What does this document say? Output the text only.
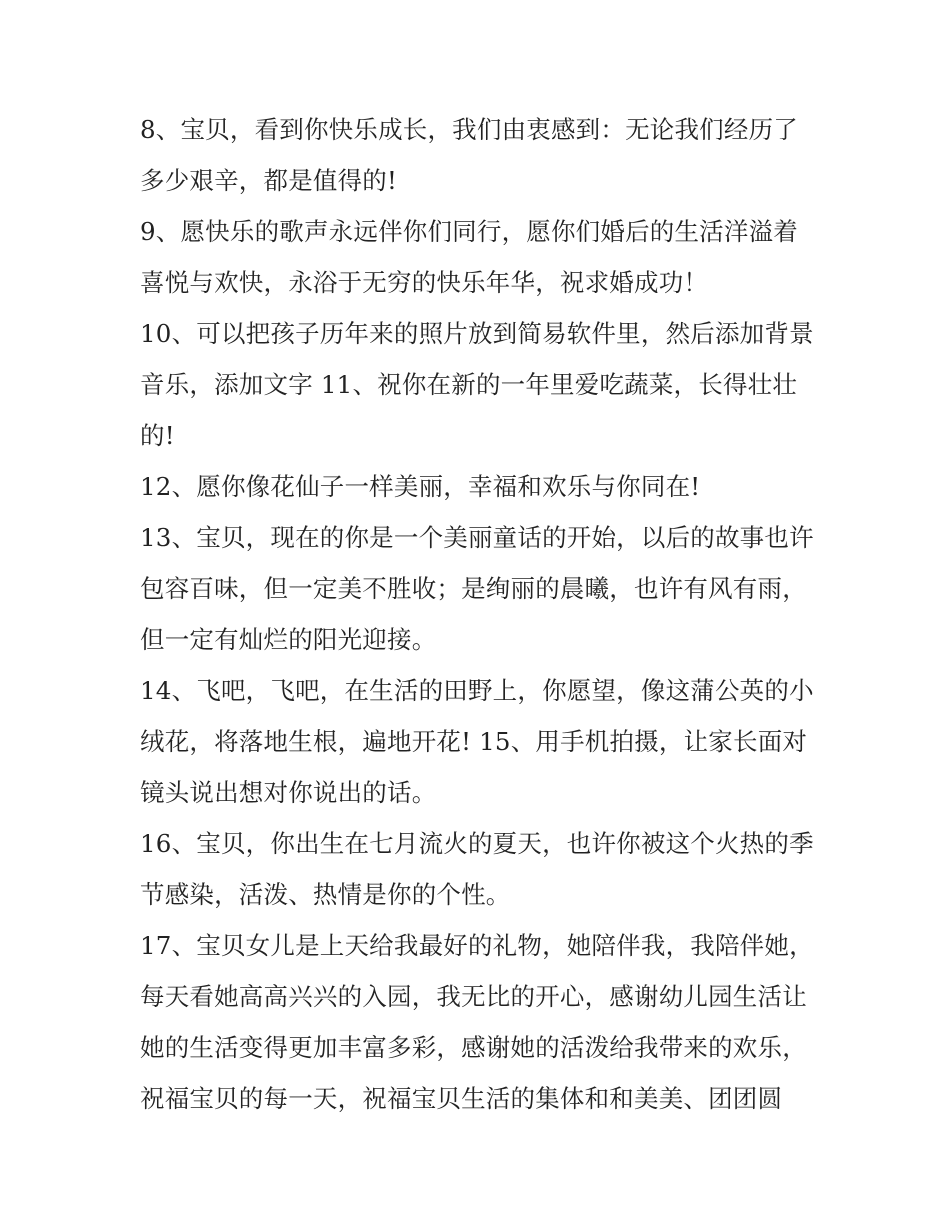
8、宝贝，看到你快乐成长，我们由衷感到：无论我们经历了
多少艰辛，都是值得的!
9、愿快乐的歌声永远伴你们同行，愿你们婚后的生活洋溢着
喜悦与欢快，永浴于无穷的快乐年华，祝求婚成功！
10、可以把孩子历年来的照片放到简易软件里，然后添加背景
音乐，添加文字 11、祝你在新的一年里爱吃蔬菜，长得壮壮
的!
12、愿你像花仙子一样美丽，幸福和欢乐与你同在!
13、宝贝，现在的你是一个美丽童话的开始，以后的故事也许
包容百味，但一定美不胜收；是绚丽的晨曦，也许有风有雨，
但一定有灿烂的阳光迎接。
14、飞吧，飞吧，在生活的田野上，你愿望，像这蒲公英的小
绒花，将落地生根，遍地开花! 15、用手机拍摄，让家长面对
镜头说出想对你说出的话。
16、宝贝，你出生在七月流火的夏天，也许你被这个火热的季
节感染，活泼、热情是你的个性。
17、宝贝女儿是上天给我最好的礼物，她陪伴我，我陪伴她，
每天看她高高兴兴的入园，我无比的开心，感谢幼儿园生活让
她的生活变得更加丰富多彩，感谢她的活泼给我带来的欢乐，
祝福宝贝的每一天，祝福宝贝生活的集体和和美美、团团圆
